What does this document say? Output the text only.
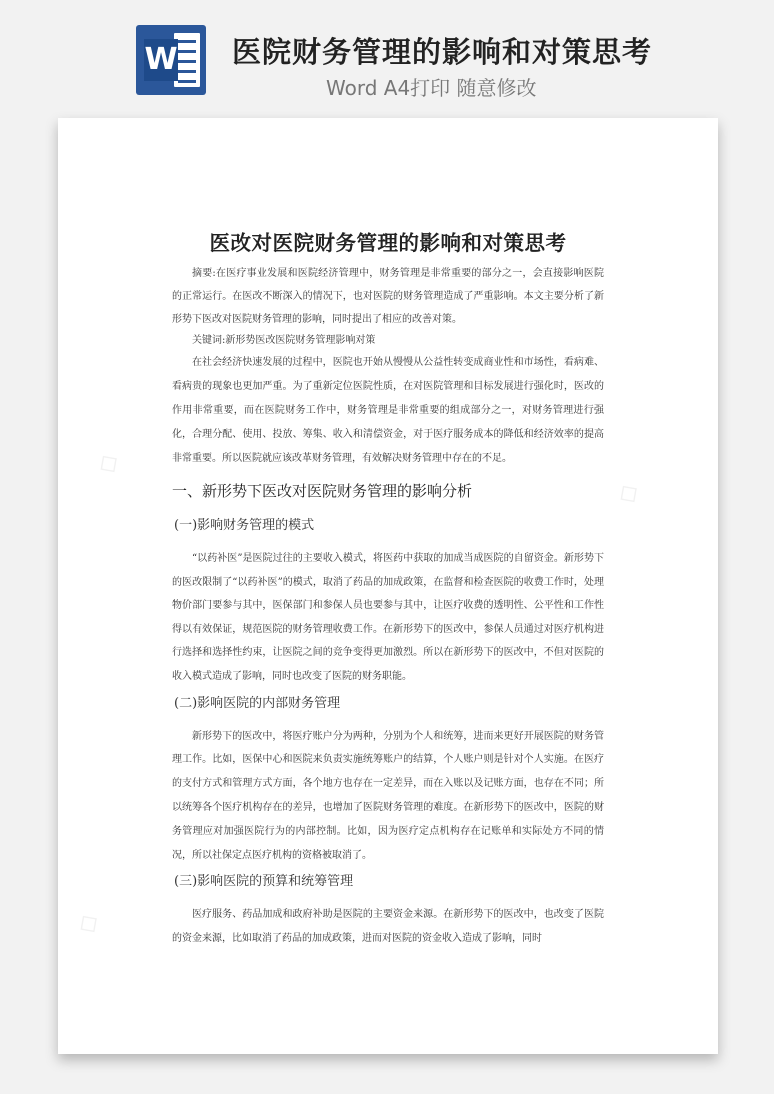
W 医院财务管理的影响和对策思考
Word A4打印 随意修改
◇
◇
◇
医改对医院财务管理的影响和对策思考

摘要:在医疗事业发展和医院经济管理中，财务管理是非常重要的部分之一，会直接影响医院的正常运行。在医改不断深入的情况下，也对医院的财务管理造成了严重影响。本文主要分析了新形势下医改对医院财务管理的影响，同时提出了相应的改善对策。

关键词:新形势医改医院财务管理影响对策

在社会经济快速发展的过程中，医院也开始从慢慢从公益性转变成商业性和市场性，看病难、看病贵的现象也更加严重。为了重新定位医院性质，在对医院管理和目标发展进行强化时，医改的作用非常重要，而在医院财务工作中，财务管理是非常重要的组成部分之一，对财务管理进行强化，合理分配、使用、投放、筹集、收入和清偿资金，对于医疗服务成本的降低和经济效率的提高非常重要。所以医院就应该改革财务管理，有效解决财务管理中存在的不足。

一、新形势下医改对医院财务管理的影响分析
(一)影响财务管理的模式

“以药补医”是医院过往的主要收入模式，将医药中获取的加成当成医院的自留资金。新形势下的医改限制了“以药补医”的模式，取消了药品的加成政策，在监督和检查医院的收费工作时，处理物价部门要参与其中，医保部门和参保人员也要参与其中，让医疗收费的透明性、公平性和工作性得以有效保证，规范医院的财务管理收费工作。在新形势下的医改中，参保人员通过对医疗机构进行选择和选择性约束，让医院之间的竞争变得更加激烈。所以在新形势下的医改中，不但对医院的收入模式造成了影响，同时也改变了医院的财务职能。

(二)影响医院的内部财务管理

新形势下的医改中，将医疗账户分为两种，分别为个人和统筹，进而来更好开展医院的财务管理工作。比如，医保中心和医院来负责实施统筹账户的结算，个人账户则是针对个人实施。在医疗的支付方式和管理方式方面，各个地方也存在一定差异，而在入账以及记账方面，也存在不同；所以统筹各个医疗机构存在的差异，也增加了医院财务管理的难度。在新形势下的医改中，医院的财务管理应对加强医院行为的内部控制。比如，因为医疗定点机构存在记账单和实际处方不同的情况，所以社保定点医疗机构的资格被取消了。

(三)影响医院的预算和统筹管理

医疗服务、药品加成和政府补助是医院的主要资金来源。在新形势下的医改中，也改变了医院的资金来源，比如取消了药品的加成政策，进而对医院的资金收入造成了影响，同时
